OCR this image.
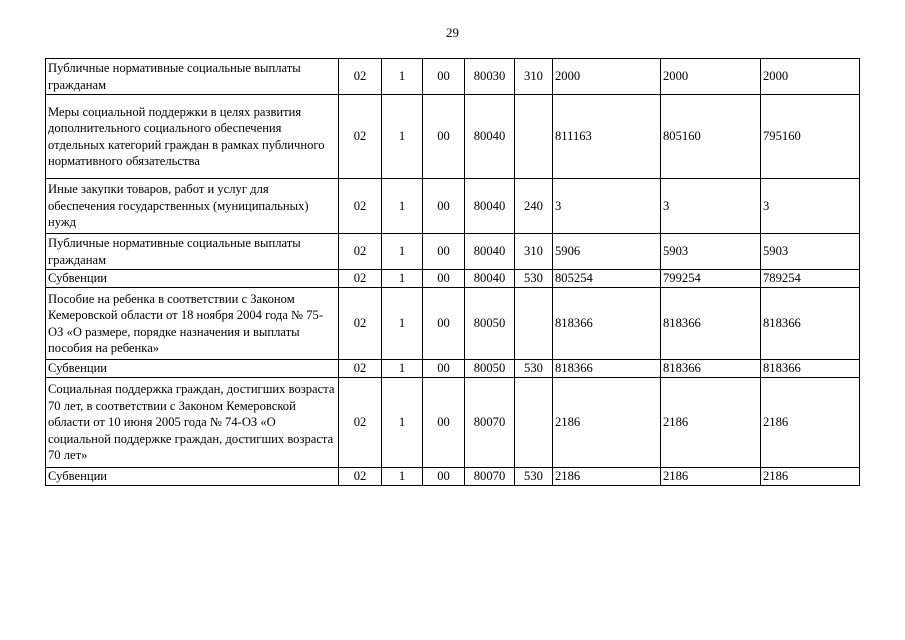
29
Публичные нормативные социальные выплаты гражданам	02	1	00	80030	310	2000	2000	2000
Меры социальной поддержки в целях развития дополнительного социального обеспечения отдельных категорий граждан в рамках публичного нормативного обязательства	02	1	00	80040		811163	805160	795160
Иные закупки товаров, работ и услуг для обеспечения государственных (муниципальных) нужд	02	1	00	80040	240	3	3	3
Публичные нормативные социальные выплаты гражданам	02	1	00	80040	310	5906	5903	5903
Субвенции	02	1	00	80040	530	805254	799254	789254
Пособие на ребенка в соответствии с Законом Кемеровской области от 18 ноября 2004 года № 75-ОЗ «О размере, порядке назначения и выплаты пособия на ребенка»	02	1	00	80050		818366	818366	818366
Субвенции	02	1	00	80050	530	818366	818366	818366
Социальная поддержка граждан, достигших возраста 70 лет, в соответствии с Законом Кемеровской области от 10 июня 2005 года № 74-ОЗ «О социальной поддержке граждан, достигших возраста 70 лет»	02	1	00	80070		2186	2186	2186
Субвенции	02	1	00	80070	530	2186	2186	2186
